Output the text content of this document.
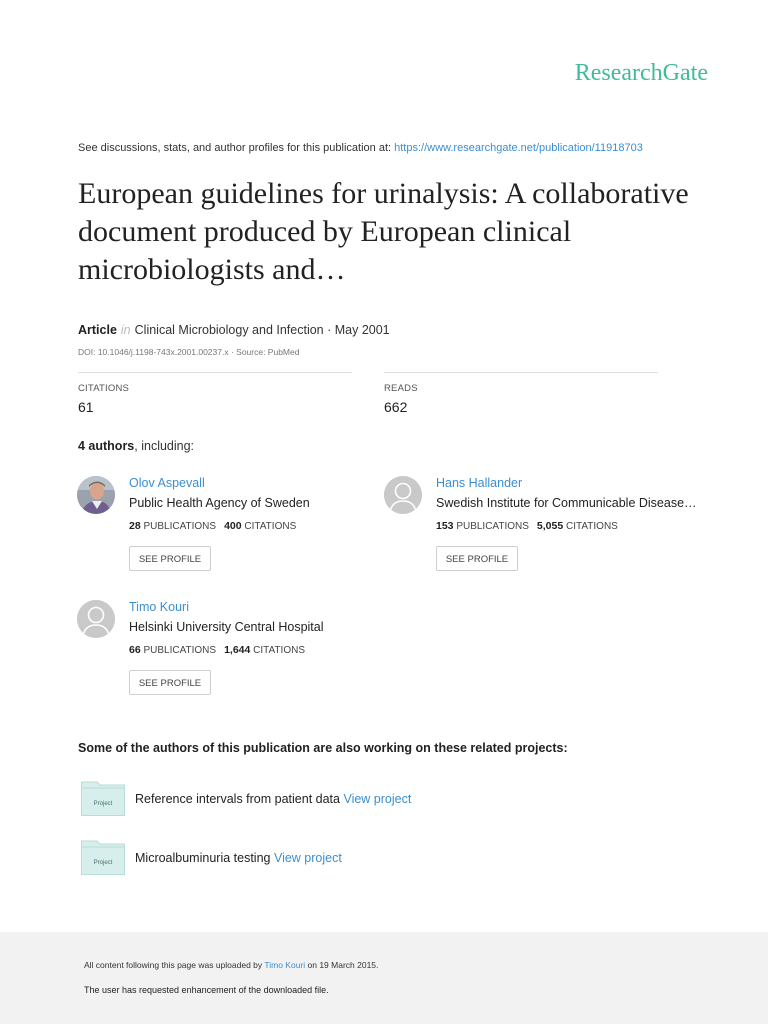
ResearchGate
See discussions, stats, and author profiles for this publication at: https://www.researchgate.net/publication/11918703
European guidelines for urinalysis: A collaborative document produced by European clinical microbiologists and…
Article in Clinical Microbiology and Infection · May 2001
DOI: 10.1046/j.1198-743x.2001.00237.x · Source: PubMed
CITATIONS
61
READS
662
4 authors, including:
Olov Aspevall
Public Health Agency of Sweden
28 PUBLICATIONS 400 CITATIONS
SEE PROFILE
Hans Hallander
Swedish Institute for Communicable Disease…
153 PUBLICATIONS 5,055 CITATIONS
SEE PROFILE
Timo Kouri
Helsinki University Central Hospital
66 PUBLICATIONS 1,644 CITATIONS
SEE PROFILE
Some of the authors of this publication are also working on these related projects:
Project Reference intervals from patient data View project
Project Microalbuminuria testing View project
All content following this page was uploaded by Timo Kouri on 19 March 2015.
The user has requested enhancement of the downloaded file.
